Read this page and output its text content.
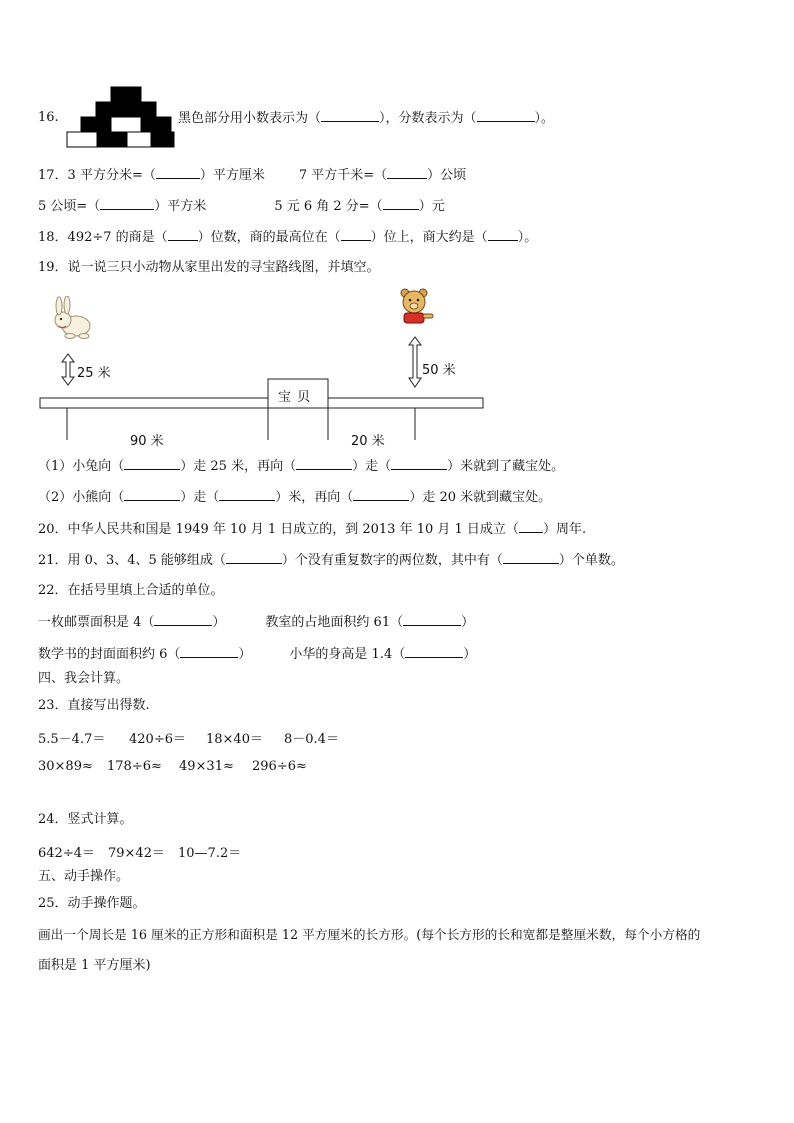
16.	黑色部分用小数表示为（	），分数表示为（	）。
17．3 平方分米=（	）平方厘米	7 平方千米=（	）公顷
5 公顷=（	）平方米	5 元 6 角 2 分=（	）元
18．492÷7 的商是（ ）位数，商的最高位在（ ）位上，商大约是（ ）。
19．说一说三只小动物从家里出发的寻宝路线图，并填空。
25 米	50 米
宝 贝
90 米	20 米
（1）小兔向（	）走 25 米，再向（	）走（	）米就到了藏宝处。
（2）小熊向（	）走（	）米，再向（	）走 20 米就到藏宝处。
20．中华人民共和国是 1949 年 10 月 1 日成立的，到 2013 年 10 月 1 日成立（ ）周年.
21．用 0、3、4、5 能够组成（	）个没有重复数字的两位数，其中有（	）个单数。
22．在括号里填上合适的单位。
一枚邮票面积是 4（	）	教室的占地面积约 61（	）
数学书的封面面积约 6（	）	小华的身高是 1.4（	）
四、我会计算。
23．直接写出得数.
5.5－4.7＝ 420÷6＝ 18×40＝ 8－0.4＝
30×89≈ 178÷6≈ 49×31≈ 296÷6≈
24．竖式计算。
642÷4＝ 79×42＝ 10—7.2＝
五、动手操作。
25．动手操作题。
画出一个周长是 16 厘米的正方形和面积是 12 平方厘米的长方形。(每个长方形的长和宽都是整厘米数，每个小方格的
面积是 1 平方厘米)
